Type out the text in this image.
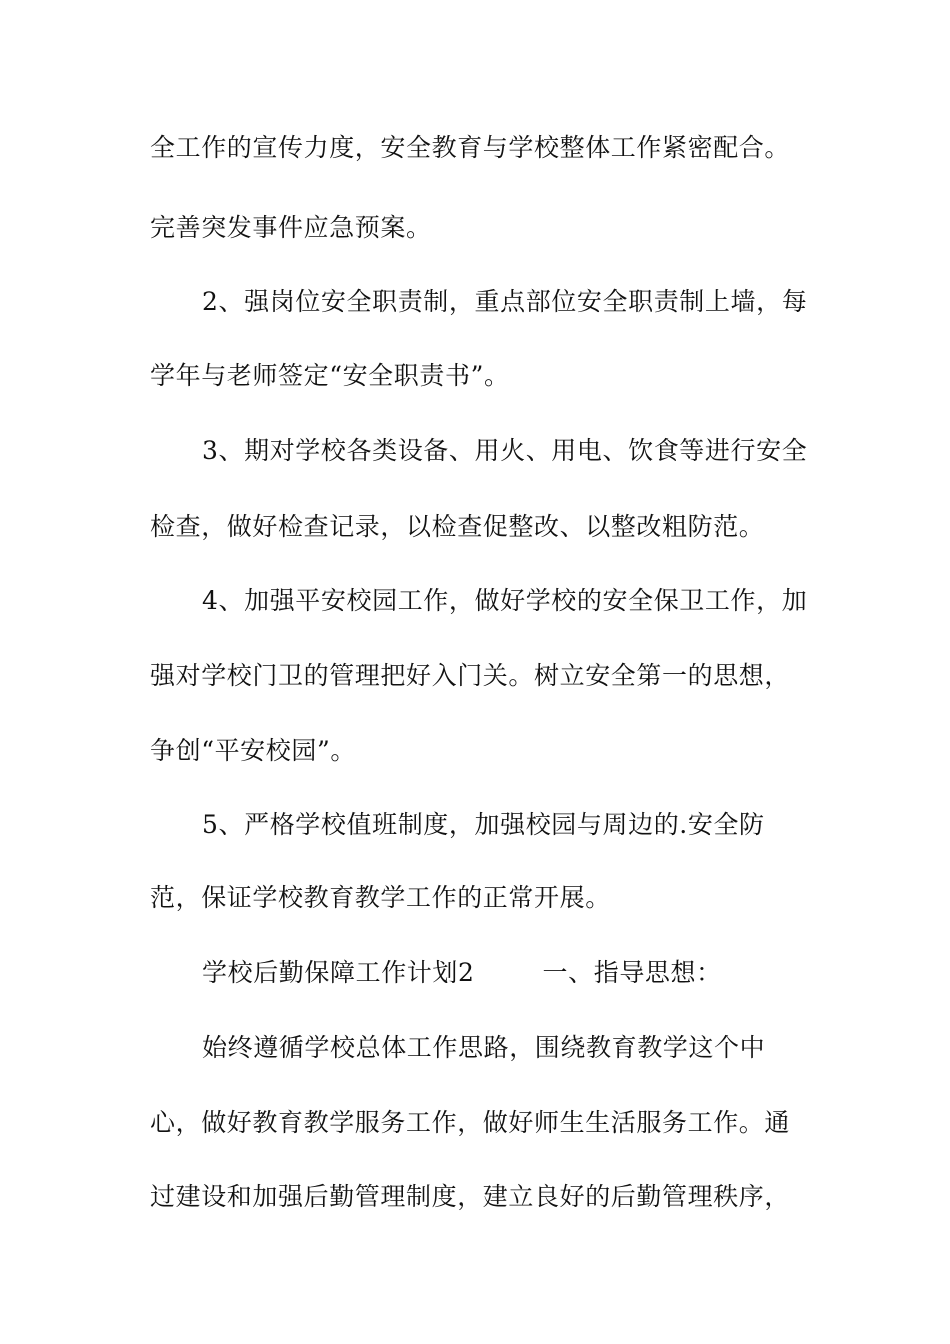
全工作的宣传力度，安全教育与学校整体工作紧密配合。
完善突发事件应急预案。
2、强岗位安全职责制，重点部位安全职责制上墙，每
学年与老师签定“安全职责书”。
3、期对学校各类设备、用火、用电、饮食等进行安全
检查，做好检查记录，以检查促整改、以整改粗防范。
4、加强平安校园工作，做好学校的安全保卫工作，加
强对学校门卫的管理把好入门关。树立安全第一的思想，
争创“平安校园”。
5、严格学校值班制度，加强校园与周边的.安全防
范，保证学校教育教学工作的正常开展。
学校后勤保障工作计划2	一、指导思想：
始终遵循学校总体工作思路，围绕教育教学这个中
心，做好教育教学服务工作，做好师生生活服务工作。通
过建设和加强后勤管理制度，建立良好的后勤管理秩序，
